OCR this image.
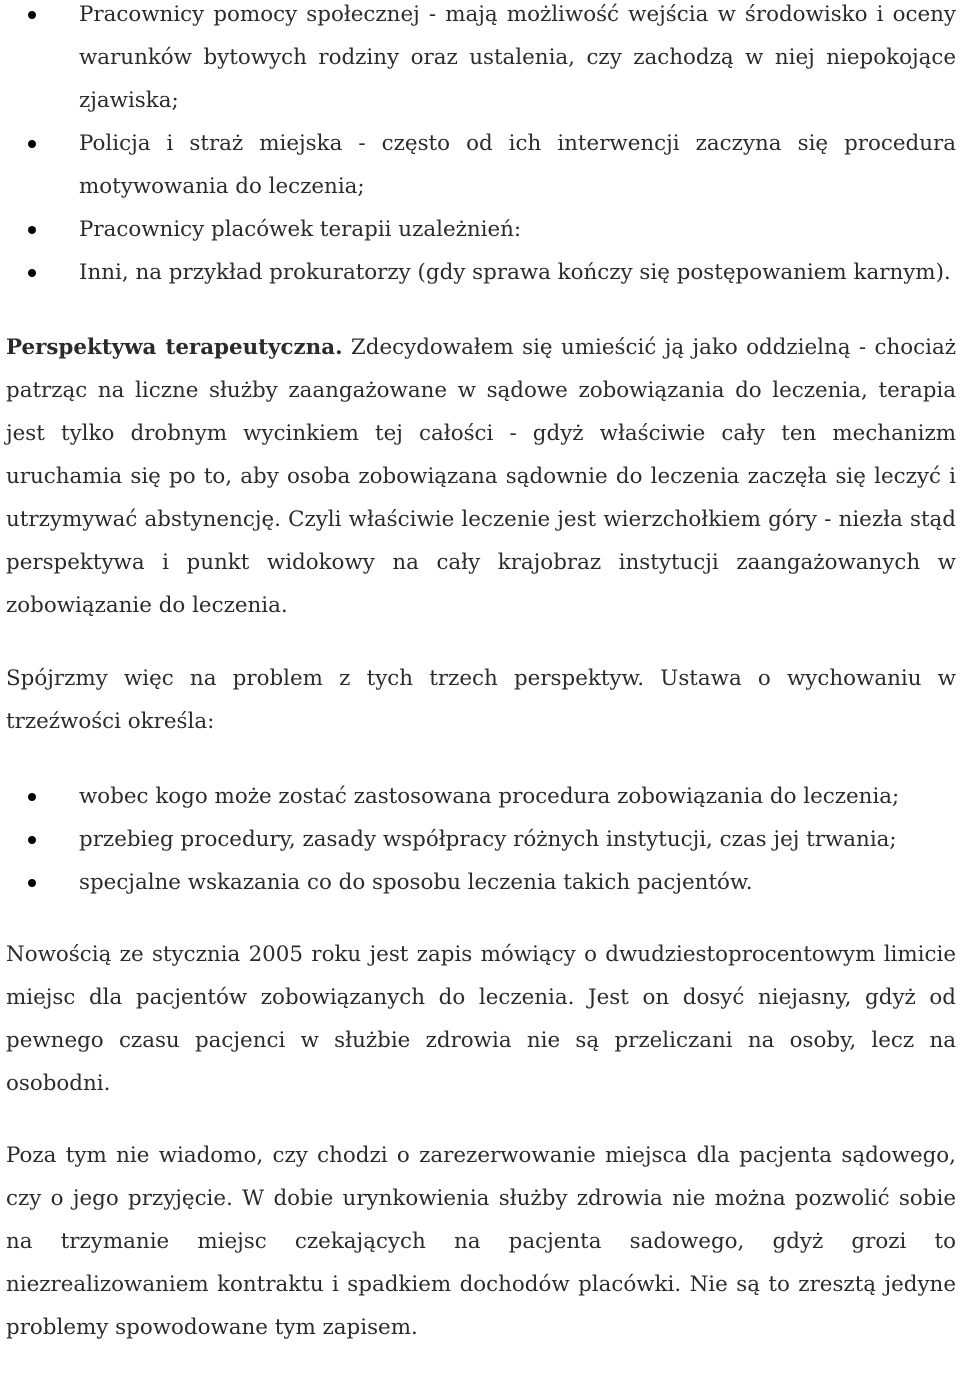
Pracownicy pomocy społecznej - mają możliwość wejścia w środowisko i oceny warunków bytowych rodziny oraz ustalenia, czy zachodzą w niej niepokojące zjawiska;
Policja i straż miejska - często od ich interwencji zaczyna się procedura motywowania do leczenia;
Pracownicy placówek terapii uzależnień:
Inni, na przykład prokuratorzy (gdy sprawa kończy się postępowaniem karnym).

Perspektywa terapeutyczna. Zdecydowałem się umieścić ją jako oddzielną - chociaż patrząc na liczne służby zaangażowane w sądowe zobowiązania do leczenia, terapia jest tylko drobnym wycinkiem tej całości - gdyż właściwie cały ten mechanizm uruchamia się po to, aby osoba zobowiązana sądownie do leczenia zaczęła się leczyć i utrzymywać abstynencję. Czyli właściwie leczenie jest wierzchołkiem góry - niezła stąd perspektywa i punkt widokowy na cały krajobraz instytucji zaangażowanych w zobowiązanie do leczenia.

Spójrzmy więc na problem z tych trzech perspektyw. Ustawa o wychowaniu w trzeźwości określa:

wobec kogo może zostać zastosowana procedura zobowiązania do leczenia;
przebieg procedury, zasady współpracy różnych instytucji, czas jej trwania;
specjalne wskazania co do sposobu leczenia takich pacjentów.

Nowością ze stycznia 2005 roku jest zapis mówiący o dwudziestoprocentowym limicie miejsc dla pacjentów zobowiązanych do leczenia. Jest on dosyć niejasny, gdyż od pewnego czasu pacjenci w służbie zdrowia nie są przeliczani na osoby, lecz na osobodni.

Poza tym nie wiadomo, czy chodzi o zarezerwowanie miejsca dla pacjenta sądowego, czy o jego przyjęcie. W dobie urynkowienia służby zdrowia nie można pozwolić sobie na trzymanie miejsc czekających na pacjenta sadowego, gdyż grozi to niezrealizowaniem kontraktu i spadkiem dochodów placówki. Nie są to zresztą jedyne problemy spowodowane tym zapisem.
